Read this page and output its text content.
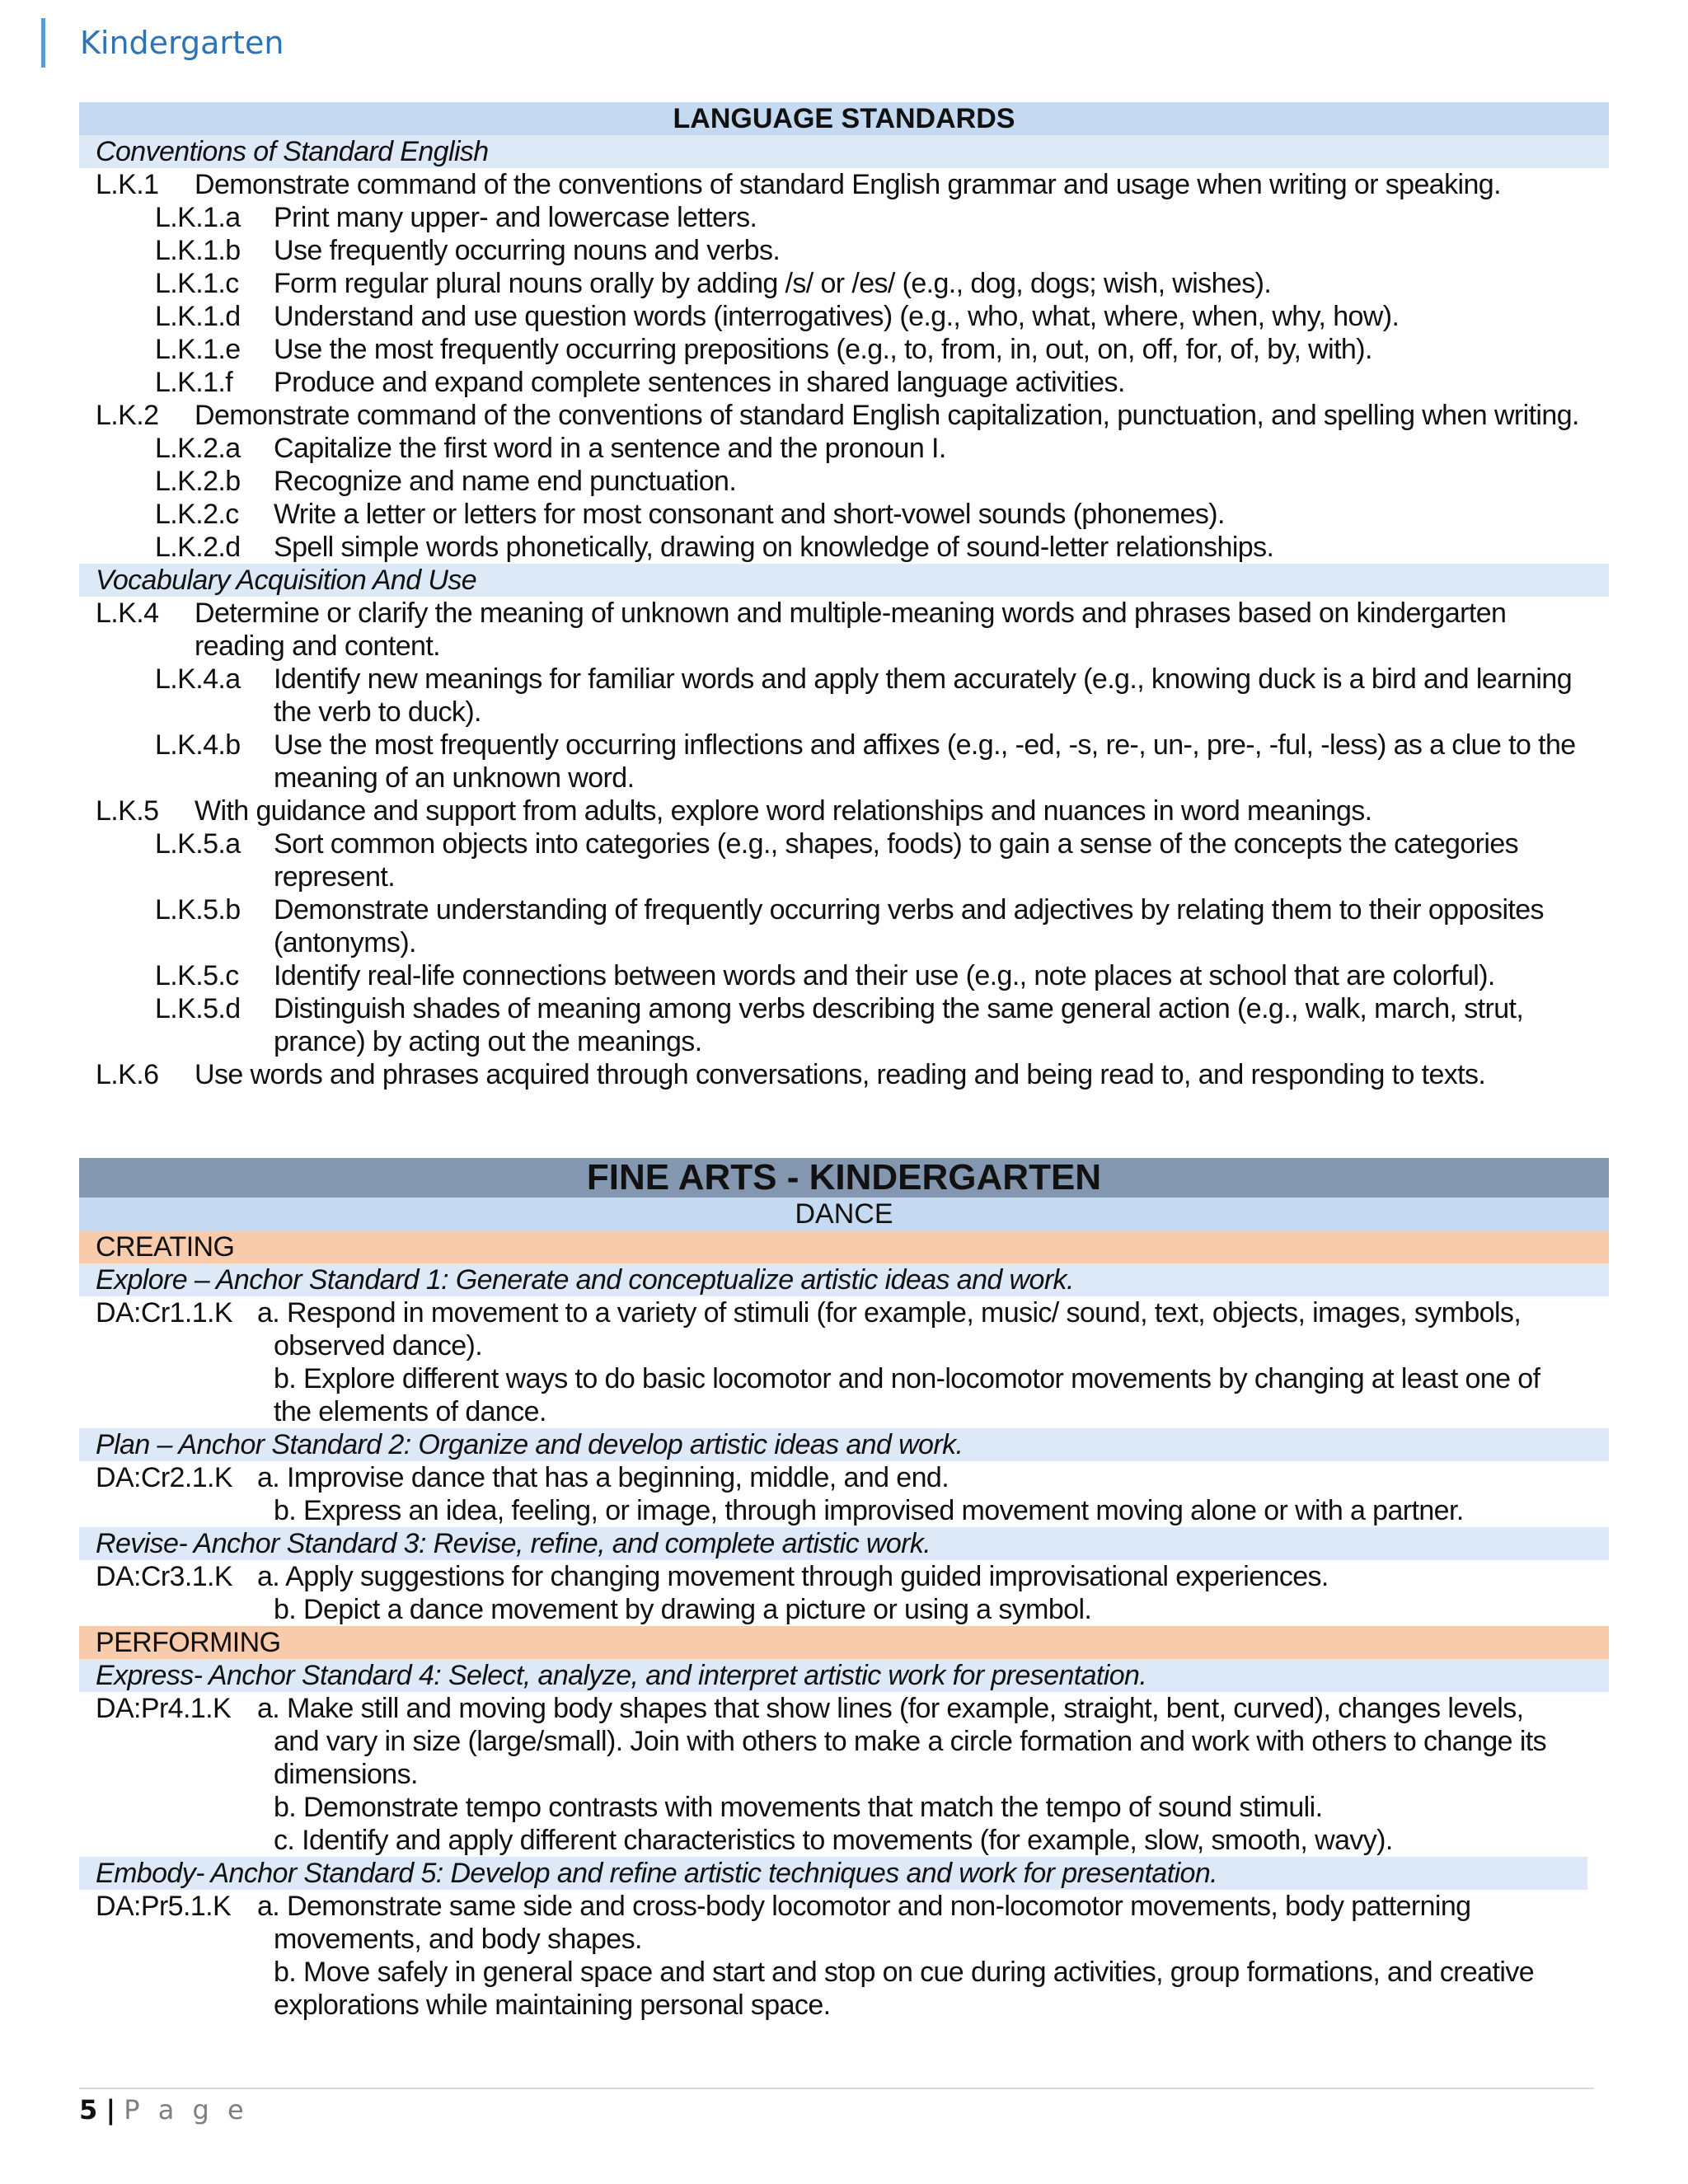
Kindergarten
LANGUAGE STANDARDS
Conventions of Standard English
L.K.1 Demonstrate command of the conventions of standard English grammar and usage when writing or speaking.
L.K.1.a Print many upper- and lowercase letters.
L.K.1.b Use frequently occurring nouns and verbs.
L.K.1.c Form regular plural nouns orally by adding /s/ or /es/ (e.g., dog, dogs; wish, wishes).
L.K.1.d Understand and use question words (interrogatives) (e.g., who, what, where, when, why, how).
L.K.1.e Use the most frequently occurring prepositions (e.g., to, from, in, out, on, off, for, of, by, with).
L.K.1.f Produce and expand complete sentences in shared language activities.
L.K.2 Demonstrate command of the conventions of standard English capitalization, punctuation, and spelling when writing.
L.K.2.a Capitalize the first word in a sentence and the pronoun I.
L.K.2.b Recognize and name end punctuation.
L.K.2.c Write a letter or letters for most consonant and short-vowel sounds (phonemes).
L.K.2.d Spell simple words phonetically, drawing on knowledge of sound-letter relationships.
Vocabulary Acquisition And Use
L.K.4 Determine or clarify the meaning of unknown and multiple-meaning words and phrases based on kindergarten
reading and content.
L.K.4.a Identify new meanings for familiar words and apply them accurately (e.g., knowing duck is a bird and learning
the verb to duck).
L.K.4.b Use the most frequently occurring inflections and affixes (e.g., -ed, -s, re-, un-, pre-, -ful, -less) as a clue to the
meaning of an unknown word.
L.K.5 With guidance and support from adults, explore word relationships and nuances in word meanings.
L.K.5.a Sort common objects into categories (e.g., shapes, foods) to gain a sense of the concepts the categories
represent.
L.K.5.b Demonstrate understanding of frequently occurring verbs and adjectives by relating them to their opposites
(antonyms).
L.K.5.c Identify real-life connections between words and their use (e.g., note places at school that are colorful).
L.K.5.d Distinguish shades of meaning among verbs describing the same general action (e.g., walk, march, strut,
prance) by acting out the meanings.
L.K.6 Use words and phrases acquired through conversations, reading and being read to, and responding to texts.
FINE ARTS - KINDERGARTEN
DANCE
CREATING
Explore – Anchor Standard 1: Generate and conceptualize artistic ideas and work.
DA:Cr1.1.K a. Respond in movement to a variety of stimuli (for example, music/ sound, text, objects, images, symbols,
observed dance).
b. Explore different ways to do basic locomotor and non-locomotor movements by changing at least one of
the elements of dance.
Plan – Anchor Standard 2: Organize and develop artistic ideas and work.
DA:Cr2.1.K a. Improvise dance that has a beginning, middle, and end.
b. Express an idea, feeling, or image, through improvised movement moving alone or with a partner.
Revise- Anchor Standard 3: Revise, refine, and complete artistic work.
DA:Cr3.1.K a. Apply suggestions for changing movement through guided improvisational experiences.
b. Depict a dance movement by drawing a picture or using a symbol.
PERFORMING
Express- Anchor Standard 4: Select, analyze, and interpret artistic work for presentation.
DA:Pr4.1.K a. Make still and moving body shapes that show lines (for example, straight, bent, curved), changes levels,
and vary in size (large/small). Join with others to make a circle formation and work with others to change its
dimensions.
b. Demonstrate tempo contrasts with movements that match the tempo of sound stimuli.
c. Identify and apply different characteristics to movements (for example, slow, smooth, wavy).
Embody- Anchor Standard 5: Develop and refine artistic techniques and work for presentation.
DA:Pr5.1.K a. Demonstrate same side and cross-body locomotor and non-locomotor movements, body patterning
movements, and body shapes.
b. Move safely in general space and start and stop on cue during activities, group formations, and creative
explorations while maintaining personal space.
5 | P a g e
